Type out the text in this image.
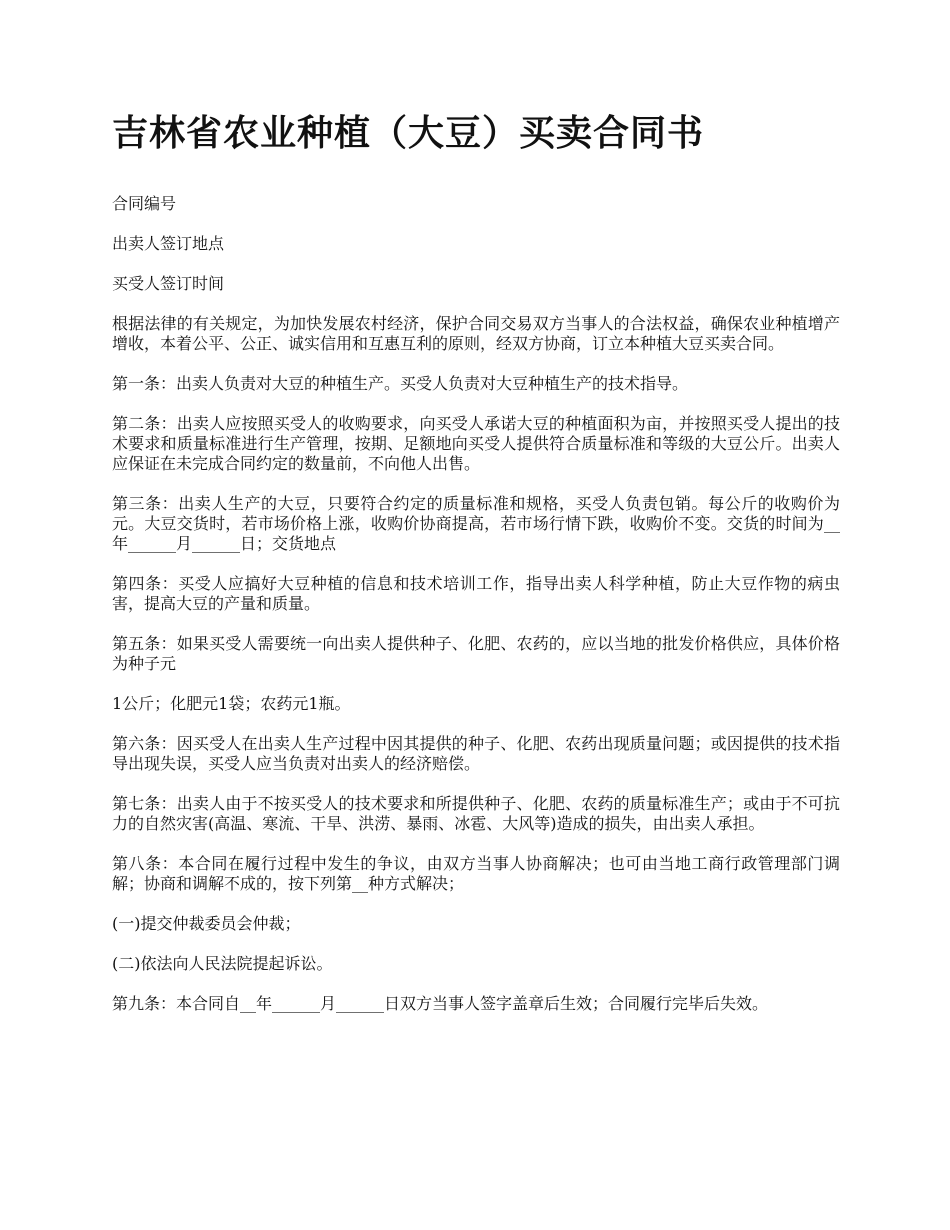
吉林省农业种植（大豆）买卖合同书

合同编号

出卖人签订地点

买受人签订时间

根据法律的有关规定，为加快发展农村经济，保护合同交易双方当事人的合法权益，确保农业种植增产增收，本着公平、公正、诚实信用和互惠互利的原则，经双方协商，订立本种植大豆买卖合同。

第一条：出卖人负责对大豆的种植生产。买受人负责对大豆种植生产的技术指导。

第二条：出卖人应按照买受人的收购要求，向买受人承诺大豆的种植面积为亩，并按照买受人提出的技术要求和质量标准进行生产管理，按期、足额地向买受人提供符合质量标准和等级的大豆公斤。出卖人应保证在未完成合同约定的数量前，不向他人出售。

第三条：出卖人生产的大豆，只要符合约定的质量标准和规格，买受人负责包销。每公斤的收购价为元。大豆交货时，若市场价格上涨，收购价协商提高，若市场行情下跌，收购价不变。交货的时间为__年______月______日；交货地点

第四条：买受人应搞好大豆种植的信息和技术培训工作，指导出卖人科学种植，防止大豆作物的病虫害，提高大豆的产量和质量。

第五条：如果买受人需要统一向出卖人提供种子、化肥、农药的，应以当地的批发价格供应，具体价格为种子元

1公斤；化肥元1袋；农药元1瓶。

第六条：因买受人在出卖人生产过程中因其提供的种子、化肥、农药出现质量问题；或因提供的技术指导出现失误，买受人应当负责对出卖人的经济赔偿。

第七条：出卖人由于不按买受人的技术要求和所提供种子、化肥、农药的质量标准生产；或由于不可抗力的自然灾害(高温、寒流、干旱、洪涝、暴雨、冰雹、大风等)造成的损失，由出卖人承担。

第八条：本合同在履行过程中发生的争议，由双方当事人协商解决；也可由当地工商行政管理部门调解；协商和调解不成的，按下列第__种方式解决；

(一)提交仲裁委员会仲裁；

(二)依法向人民法院提起诉讼。

第九条：本合同自__年______月______日双方当事人签字盖章后生效；合同履行完毕后失效。
